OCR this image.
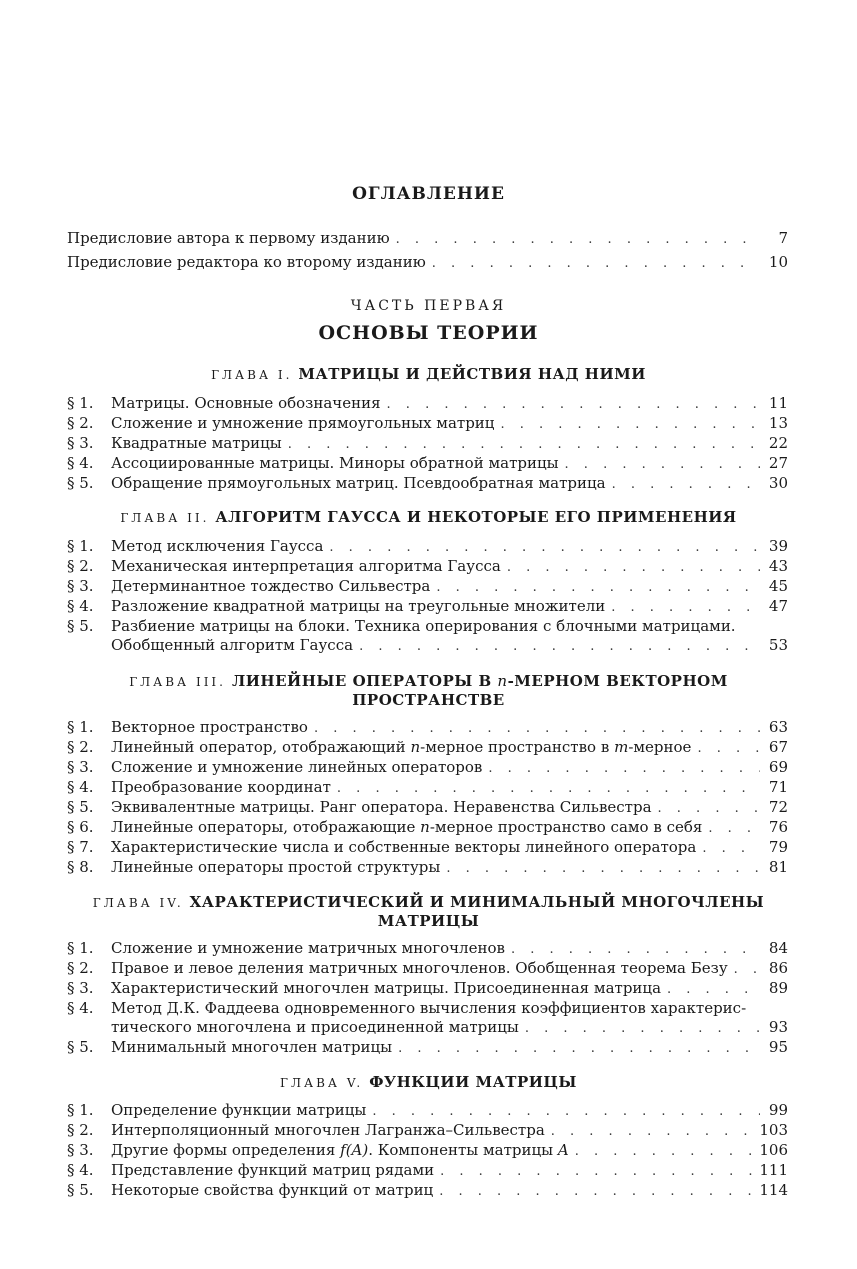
ОГЛАВЛЕНИЕ
Предисловие автора к первому изданию . . .	7
Предисловие редактора ко второму изданию . . .	10
ЧАСТЬ ПЕРВАЯ
ОСНОВЫ ТЕОРИИ
ГЛАВА I. МАТРИЦЫ И ДЕЙСТВИЯ НАД НИМИ
§ 1.	Матрицы. Основные обозначения . . .	11
§ 2.	Сложение и умножение прямоугольных матриц . . .	13
§ 3.	Квадратные матрицы . . .	22
§ 4.	Ассоциированные матрицы. Миноры обратной матрицы . . .	27
§ 5.	Обращение прямоугольных матриц. Псевдообратная матрица . . .	30
ГЛАВА II. АЛГОРИТМ ГАУССА И НЕКОТОРЫЕ ЕГО ПРИМЕНЕНИЯ
§ 1.	Метод исключения Гаусса . . .	39
§ 2.	Механическая интерпретация алгоритма Гаусса . . .	43
§ 3.	Детерминантное тождество Сильвестра . . .	45
§ 4.	Разложение квадратной матрицы на треугольные множители . . .	47
§ 5. Разбиение матрицы на блоки. Техника оперирования с блочными матрицами.
Обобщенный алгоритм Гаусса . . .	53
ГЛАВА III. ЛИНЕЙНЫЕ ОПЕРАТОРЫ В n-МЕРНОМ ВЕКТОРНОМ
ПРОСТРАНСТВЕ
§ 1.	Векторное пространство . . .	63
§ 2.	Линейный оператор, отображающий n-мерное пространство в m-мерное . . .	67
§ 3.	Сложение и умножение линейных операторов . . .	69
§ 4.	Преобразование координат . . .	71
§ 5.	Эквивалентные матрицы. Ранг оператора. Неравенства Сильвестра . . .	72
§ 6.	Линейные операторы, отображающие n-мерное пространство само в себя . . .	76
§ 7.	Характеристические числа и собственные векторы линейного оператора . . .	79
§ 8.	Линейные операторы простой структуры . . .	81
ГЛАВА IV. ХАРАКТЕРИСТИЧЕСКИЙ И МИНИМАЛЬНЫЙ МНОГОЧЛЕНЫ
МАТРИЦЫ
§ 1.	Сложение и умножение матричных многочленов . . .	84
§ 2.	Правое и левое деления матричных многочленов. Обобщенная теорема Безу . . .	86
§ 3.	Характеристический многочлен матрицы. Присоединенная матрица . . .	89
§ 4. Метод Д.К. Фаддеева одновременного вычисления коэффициентов характерис-
тического многочлена и присоединенной матрицы . . .	93
§ 5.	Минимальный многочлен матрицы . . .	95
ГЛАВА V. ФУНКЦИИ МАТРИЦЫ
§ 1.	Определение функции матрицы . . .	99
§ 2.	Интерполяционный многочлен Лагранжа–Сильвестра . . .	103
§ 3.	Другие формы определения f(A). Компоненты матрицы A . . .	106
§ 4.	Представление функций матриц рядами . . .	111
§ 5.	Некоторые свойства функций от матриц . . .	114
